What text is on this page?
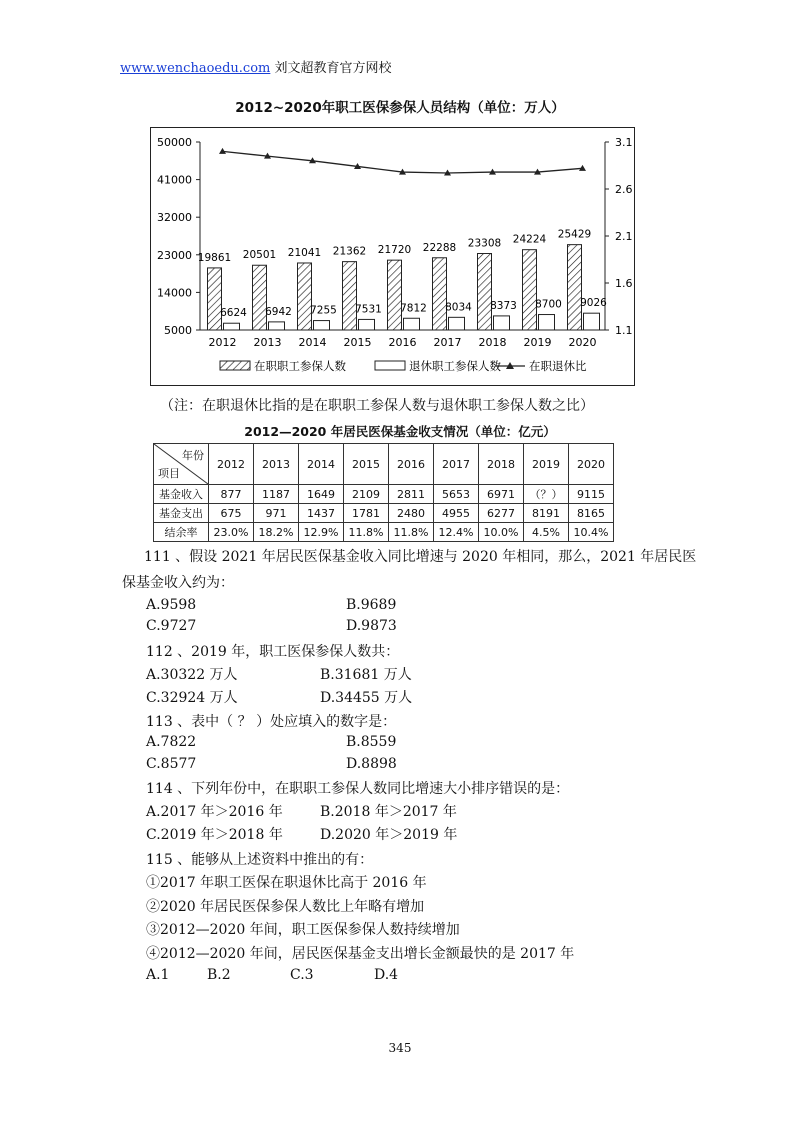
www.wenchaoedu.com 刘文超教育官方网校
2012~2020年职工医保参保人员结构（单位：万人）
5000
14000
23000
32000
41000
50000
1.1
1.6
2.1
2.6
3.1
2012
19861
6624
2013
20501
6942
2014
21041
7255
2015
21362
7531
2016
21720
7812
2017
22288
8034
2018
23308
8373
2019
24224
8700
2020
25429
9026
在职职工参保人数	退休职工参保人数 在职退休比
（注：在职退休比指的是在职职工参保人数与退休职工参保人数之比）
2012—2020 年居民医保基金收支情况（单位：亿元）
年份
项目	2012	2013	2014	2015	2016	2017	2018	2019	2020
基金收入	877	1187	1649	2109	2811	5653	6971	（？）	9115
基金支出	675	971	1437	1781	2480	4955	6277	8191	8165
结余率	23.0%	18.2%	12.9%	11.8%	11.8%	12.4%	10.0%	4.5%	10.4%
111 、假设 2021 年居民医保基金收入同比增速与 2020 年相同，那么，2021 年居民医
保基金收入约为：
A.9598	B.9689
C.9727	D.9873
112 、2019 年，职工医保参保人数共：
A.30322 万人	B.31681 万人
C.32924 万人	D.34455 万人
113 、表中（ ？ ）处应填入的数字是：
A.7822	B.8559
C.8577	D.8898
114 、下列年份中，在职职工参保人数同比增速大小排序错误的是：
A.2017 年＞2016 年	B.2018 年＞2017 年
C.2019 年＞2018 年	D.2020 年＞2019 年
115 、能够从上述资料中推出的有：
①2017 年职工医保在职退休比高于 2016 年
②2020 年居民医保参保人数比上年略有增加
③2012—2020 年间，职工医保参保人数持续增加
④2012—2020 年间，居民医保基金支出增长金额最快的是 2017 年
A.1	B.2	C.3	D.4
345
